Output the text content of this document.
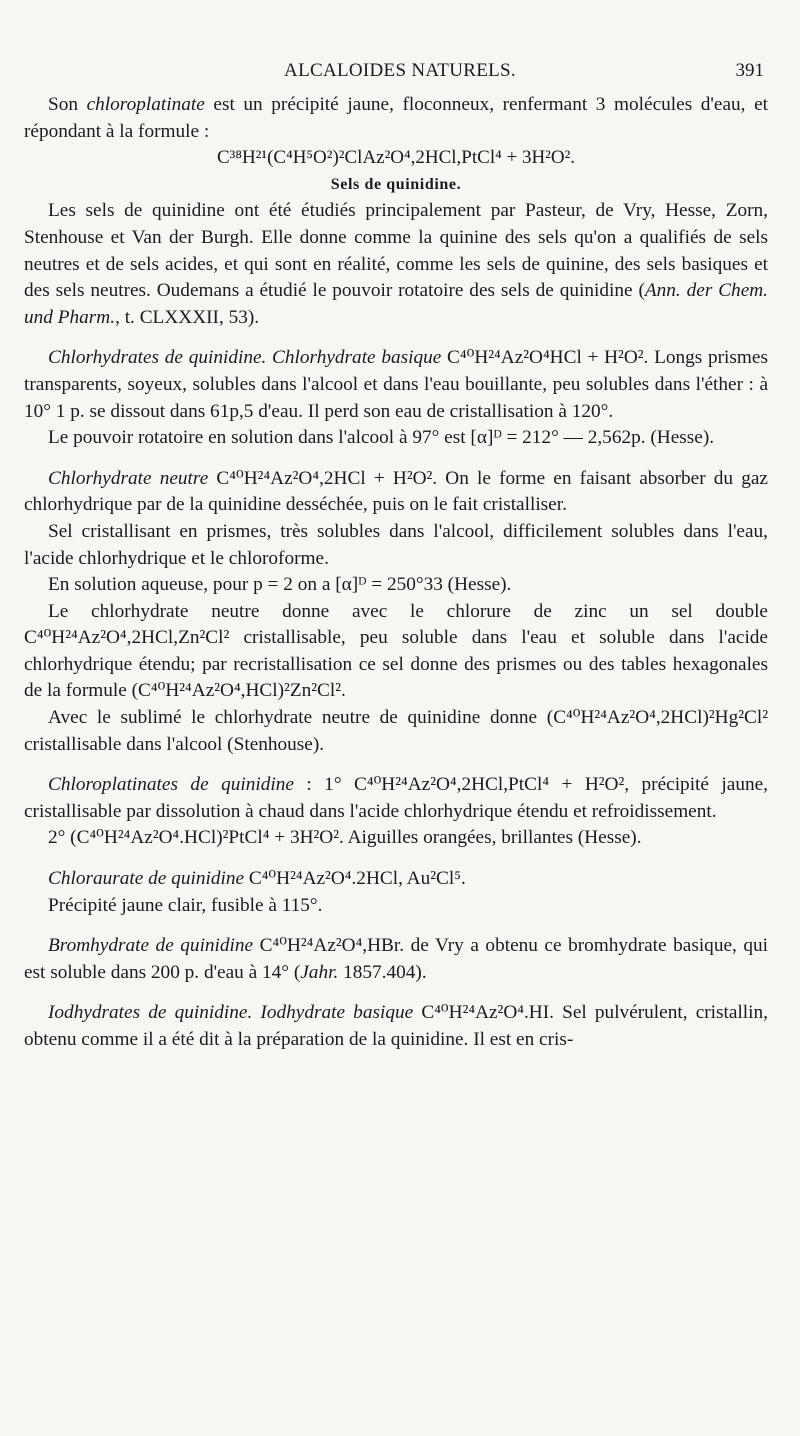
ALCALOIDES NATURELS.	391

Son chloroplatinate est un précipité jaune, floconneux, renfermant 3 molécules d'eau, et répondant à la formule :

C³⁸H²¹(C⁴H⁵O²)²ClAz²O⁴,2HCl,PtCl⁴ + 3H²O².

Sels de quinidine.

Les sels de quinidine ont été étudiés principalement par Pasteur, de Vry, Hesse, Zorn, Stenhouse et Van der Burgh. Elle donne comme la quinine des sels qu'on a qualifiés de sels neutres et de sels acides, et qui sont en réalité, comme les sels de quinine, des sels basiques et des sels neutres. Oudemans a étudié le pouvoir rotatoire des sels de quinidine (Ann. der Chem. und Pharm., t. CLXXXII, 53).

Chlorhydrates de quinidine. Chlorhydrate basique C⁴⁰H²⁴Az²O⁴HCl + H²O². Longs prismes transparents, soyeux, solubles dans l'alcool et dans l'eau bouillante, peu solubles dans l'éther : à 10° 1 p. se dissout dans 61p,5 d'eau. Il perd son eau de cristallisation à 120°.

Le pouvoir rotatoire en solution dans l'alcool à 97° est [α]ᴰ = 212° — 2,562p. (Hesse).

Chlorhydrate neutre C⁴⁰H²⁴Az²O⁴,2HCl + H²O². On le forme en faisant absorber du gaz chlorhydrique par de la quinidine desséchée, puis on le fait cristalliser.

Sel cristallisant en prismes, très solubles dans l'alcool, difficilement solubles dans l'eau, l'acide chlorhydrique et le chloroforme.

En solution aqueuse, pour p = 2 on a [α]ᴰ = 250°33 (Hesse).

Le chlorhydrate neutre donne avec le chlorure de zinc un sel double C⁴⁰H²⁴Az²O⁴,2HCl,Zn²Cl² cristallisable, peu soluble dans l'eau et soluble dans l'acide chlorhydrique étendu; par recristallisation ce sel donne des prismes ou des tables hexagonales de la formule (C⁴⁰H²⁴Az²O⁴,HCl)²Zn²Cl².

Avec le sublimé le chlorhydrate neutre de quinidine donne (C⁴⁰H²⁴Az²O⁴,2HCl)²Hg²Cl² cristallisable dans l'alcool (Stenhouse).

Chloroplatinates de quinidine : 1° C⁴⁰H²⁴Az²O⁴,2HCl,PtCl⁴ + H²O², précipité jaune, cristallisable par dissolution à chaud dans l'acide chlorhydrique étendu et refroidissement.

2° (C⁴⁰H²⁴Az²O⁴.HCl)²PtCl⁴ + 3H²O². Aiguilles orangées, brillantes (Hesse).

Chloraurate de quinidine C⁴⁰H²⁴Az²O⁴.2HCl, Au²Cl⁵.

Précipité jaune clair, fusible à 115°.

Bromhydrate de quinidine C⁴⁰H²⁴Az²O⁴,HBr. de Vry a obtenu ce bromhydrate basique, qui est soluble dans 200 p. d'eau à 14° (Jahr. 1857.404).

Iodhydrates de quinidine. Iodhydrate basique C⁴⁰H²⁴Az²O⁴.HI. Sel pulvérulent, cristallin, obtenu comme il a été dit à la préparation de la quinidine. Il est en cris-
